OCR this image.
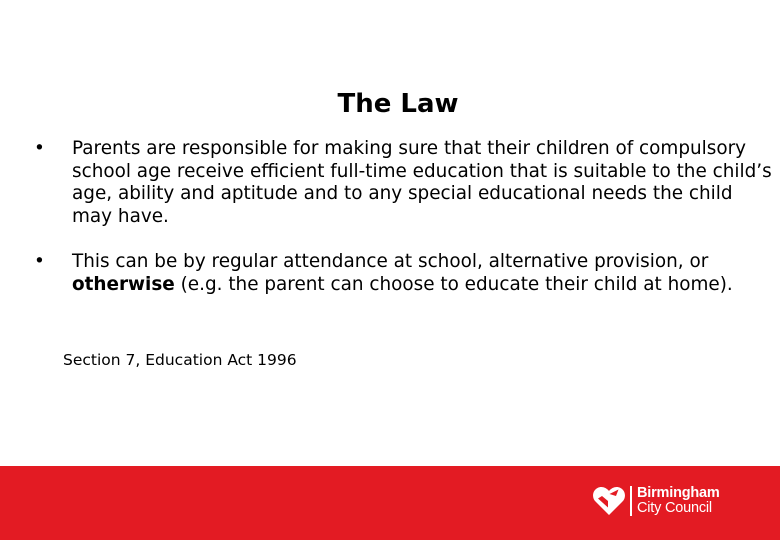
The Law
• Parents are responsible for making sure that their children of compulsory school age receive efficient full-time education that is suitable to the child’s age, ability and aptitude and to any special educational needs the child may have.
• This can be by regular attendance at school, alternative provision, or otherwise (e.g. the parent can choose to educate their child at home).
Section 7, Education Act 1996
Birmingham
City Council
